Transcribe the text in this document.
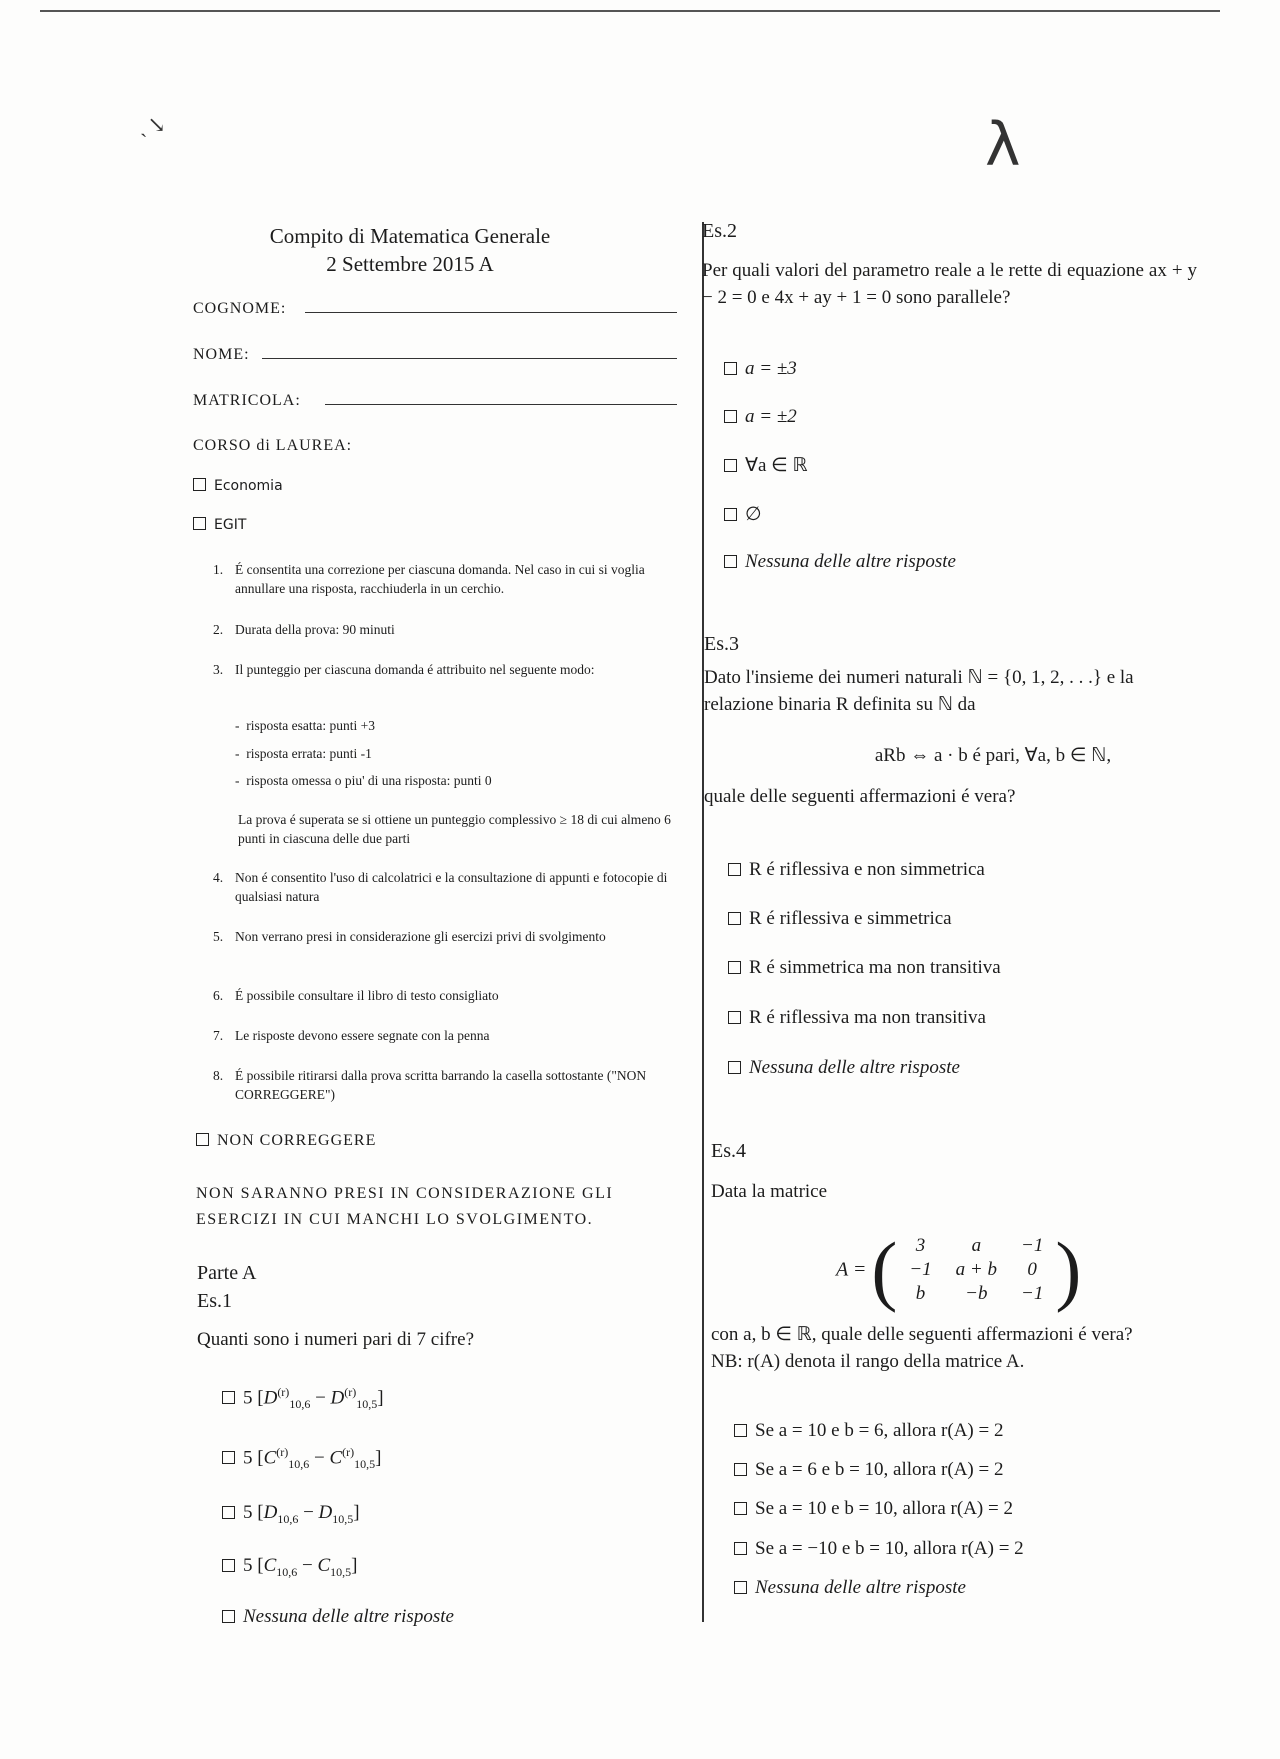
ˎ↘	λ
Compito di Matematica Generale
2 Settembre 2015 A
COGNOME:
NOME:
MATRICOLA:
CORSO di LAUREA:
Economia
EGIT
1. É consentita una correzione per ciascuna domanda. Nel caso in cui si voglia annullare una risposta, racchiuderla in un cerchio.
2. Durata della prova: 90 minuti
3. Il punteggio per ciascuna domanda é attribuito nel seguente modo:
-  risposta esatta: punti +3
-  risposta errata: punti -1
-  risposta omessa o piu' di una risposta: punti 0
La prova é superata se si ottiene un punteggio complessivo ≥ 18 di cui almeno 6 punti in ciascuna delle due parti
4. Non é consentito l'uso di calcolatrici e la consultazione di appunti e fotocopie di qualsiasi natura
5. Non verrano presi in considerazione gli esercizi privi di svolgimento
6. É possibile consultare il libro di testo consigliato
7. Le risposte devono essere segnate con la penna
8. É possibile ritirarsi dalla prova scritta barrando la casella sottostante ("NON CORREGGERE")
NON CORREGGERE
NON SARANNO PRESI IN CONSIDERAZIONE GLI ESERCIZI IN CUI MANCHI LO SVOLGIMENTO.
Parte A
Es.1
Quanti sono i numeri pari di 7 cifre?
5 $[D^{(r)}_{10,6} - D^{(r)}_{10,5}]$
5 $[C^{(r)}_{10,6} - C^{(r)}_{10,5}]$
5 $[D_{10,6} - D_{10,5}]$
5 $[C_{10,6} - C_{10,5}]$
Nessuna delle altre risposte
Es.2
Per quali valori del parametro reale a le rette di equazione ax + y − 2 = 0 e 4x + ay + 1 = 0 sono parallele?
a = ±3
a = ±2
∀a ∈ ℝ
∅
Nessuna delle altre risposte
Es.3
Dato l'insieme dei numeri naturali ℕ = {0, 1, 2, . . .} e la relazione binaria R definita su ℕ da
aRb ⇔ a · b é pari, ∀a, b ∈ ℕ,
quale delle seguenti affermazioni é vera?
R é riflessiva e non simmetrica
R é riflessiva e simmetrica
R é simmetrica ma non transitiva
R é riflessiva ma non transitiva
Nessuna delle altre risposte
Es.4
Data la matrice
A = ( 3	a	−1
−1	a + b	0
b	−b	−1 )
con a, b ∈ ℝ, quale delle seguenti affermazioni é vera?
NB: r(A) denota il rango della matrice A.
Se a = 10 e b = 6, allora r(A) = 2
Se a = 6 e b = 10, allora r(A) = 2
Se a = 10 e b = 10, allora r(A) = 2
Se a = −10 e b = 10, allora r(A) = 2
Nessuna delle altre risposte
